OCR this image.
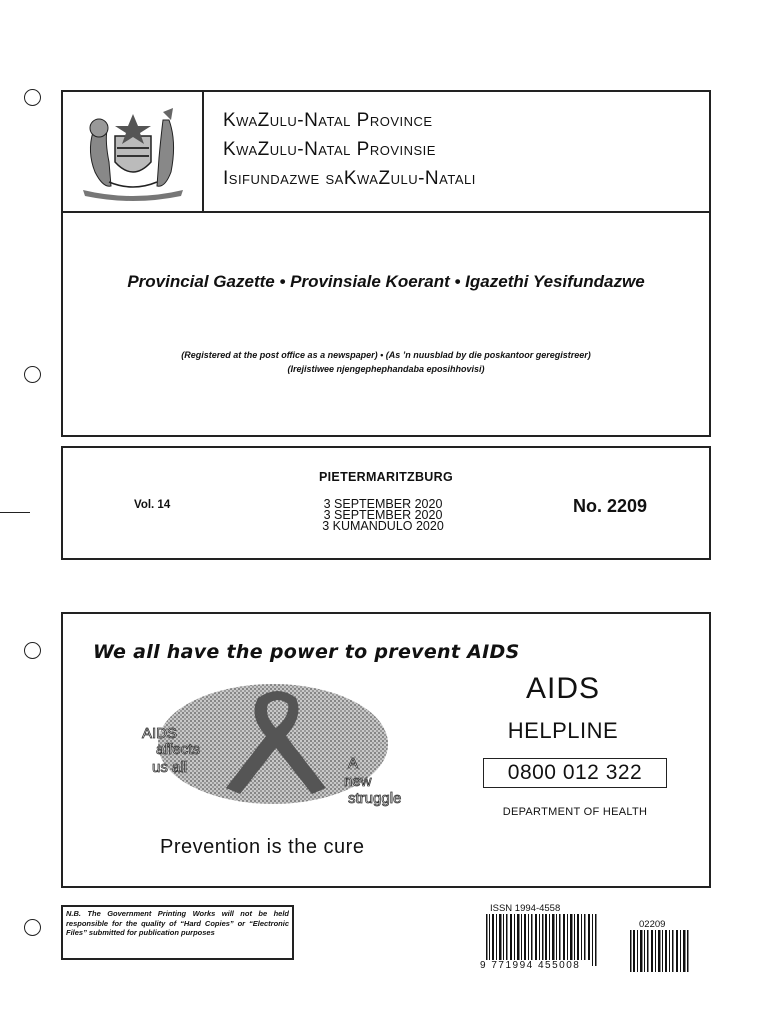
KwaZulu-Natal Province
KwaZulu-Natal Provinsie
Isifundazwe saKwaZulu-Natali
Provincial Gazette • Provinsiale Koerant • Igazethi Yesifundazwe
(Registered at the post office as a newspaper) • (As ’n nuusblad by die poskantoor geregistreer)
(Irejistiwee njengephephandaba eposihhovisi)
PIETERMARITZBURG
Vol. 14	3 SEPTEMBER 2020
3 SEPTEMBER 2020
3 KUMANDULO 2020
No. 2209
We all have the power to prevent AIDS
AIDS
affects
us all	A
new
struggle
Prevention is the cure
AIDS
HELPLINE
0800 012 322
DEPARTMENT OF HEALTH
N.B. The Government Printing Works will not be held responsible for the quality of “Hard Copies” or “Electronic Files” submitted for publication purposes
ISSN 1994-4558
9 771994 455008
02209
